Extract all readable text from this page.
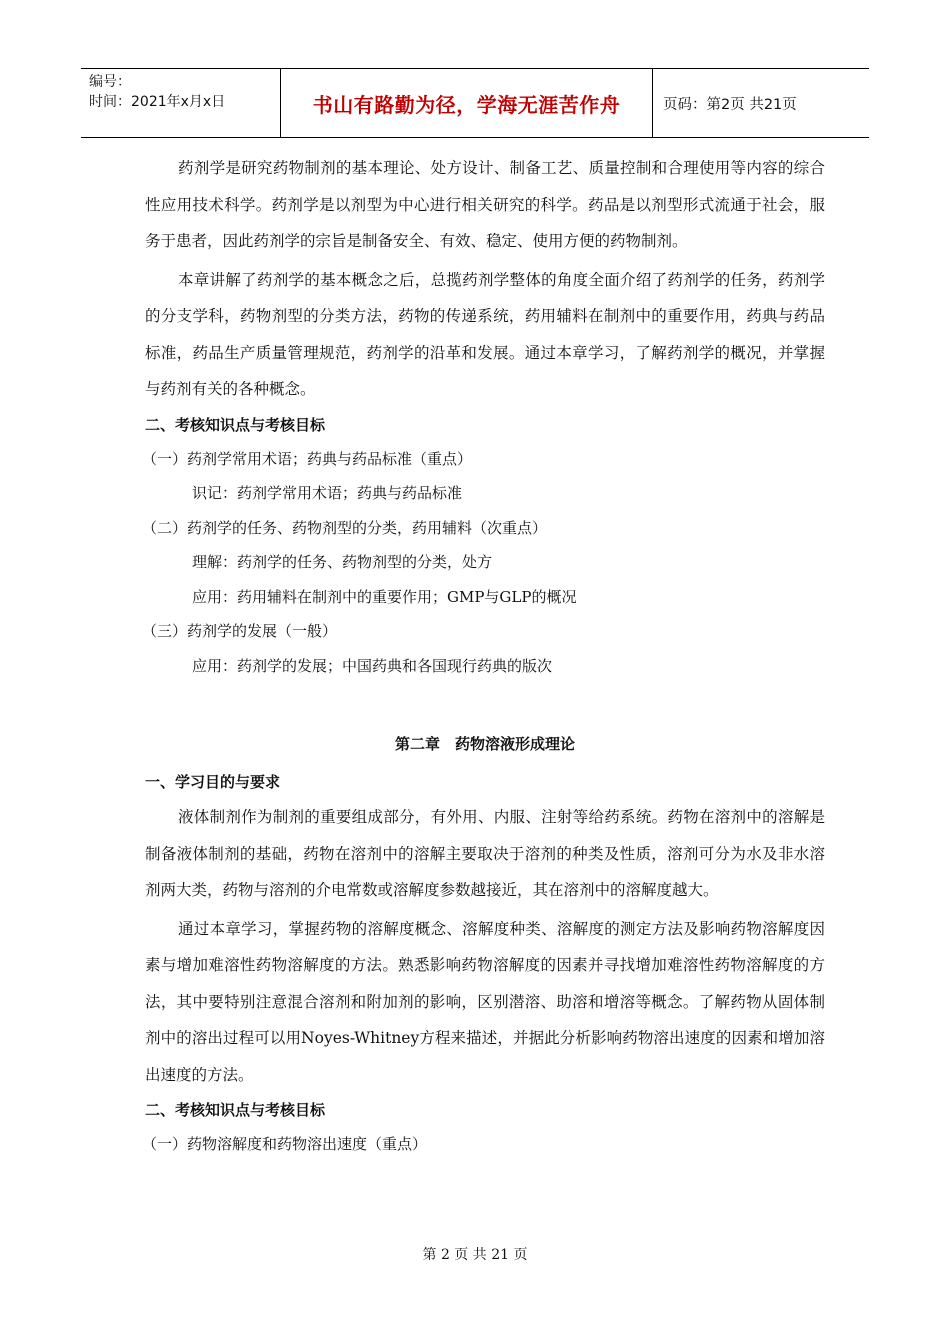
编号：
时间：2021年x月x日	书山有路勤为径，学海无涯苦作舟	页码：第2页 共21页

药剂学是研究药物制剂的基本理论、处方设计、制备工艺、质量控制和合理使用等内容的综合性应用技术科学。药剂学是以剂型为中心进行相关研究的科学。药品是以剂型形式流通于社会，服务于患者，因此药剂学的宗旨是制备安全、有效、稳定、使用方便的药物制剂。

本章讲解了药剂学的基本概念之后，总揽药剂学整体的角度全面介绍了药剂学的任务，药剂学的分支学科，药物剂型的分类方法，药物的传递系统，药用辅料在制剂中的重要作用，药典与药品标准，药品生产质量管理规范，药剂学的沿革和发展。通过本章学习，了解药剂学的概况，并掌握与药剂有关的各种概念。

二、考核知识点与考核目标

（一）药剂学常用术语；药典与药品标准（重点）

识记：药剂学常用术语；药典与药品标准

（二）药剂学的任务、药物剂型的分类，药用辅料（次重点）

理解：药剂学的任务、药物剂型的分类，处方

应用：药用辅料在制剂中的重要作用；GMP与GLP的概况

（三）药剂学的发展（一般）

应用：药剂学的发展；中国药典和各国现行药典的版次

第二章　药物溶液形成理论

一、学习目的与要求

液体制剂作为制剂的重要组成部分，有外用、内服、注射等给药系统。药物在溶剂中的溶解是制备液体制剂的基础，药物在溶剂中的溶解主要取决于溶剂的种类及性质，溶剂可分为水及非水溶剂两大类，药物与溶剂的介电常数或溶解度参数越接近，其在溶剂中的溶解度越大。

通过本章学习，掌握药物的溶解度概念、溶解度种类、溶解度的测定方法及影响药物溶解度因素与增加难溶性药物溶解度的方法。熟悉影响药物溶解度的因素并寻找增加难溶性药物溶解度的方法，其中要特别注意混合溶剂和附加剂的影响，区别潜溶、助溶和增溶等概念。了解药物从固体制剂中的溶出过程可以用Noyes-Whitney方程来描述，并据此分析影响药物溶出速度的因素和增加溶出速度的方法。

二、考核知识点与考核目标

（一）药物溶解度和药物溶出速度（重点）

第 2 页 共 21 页
